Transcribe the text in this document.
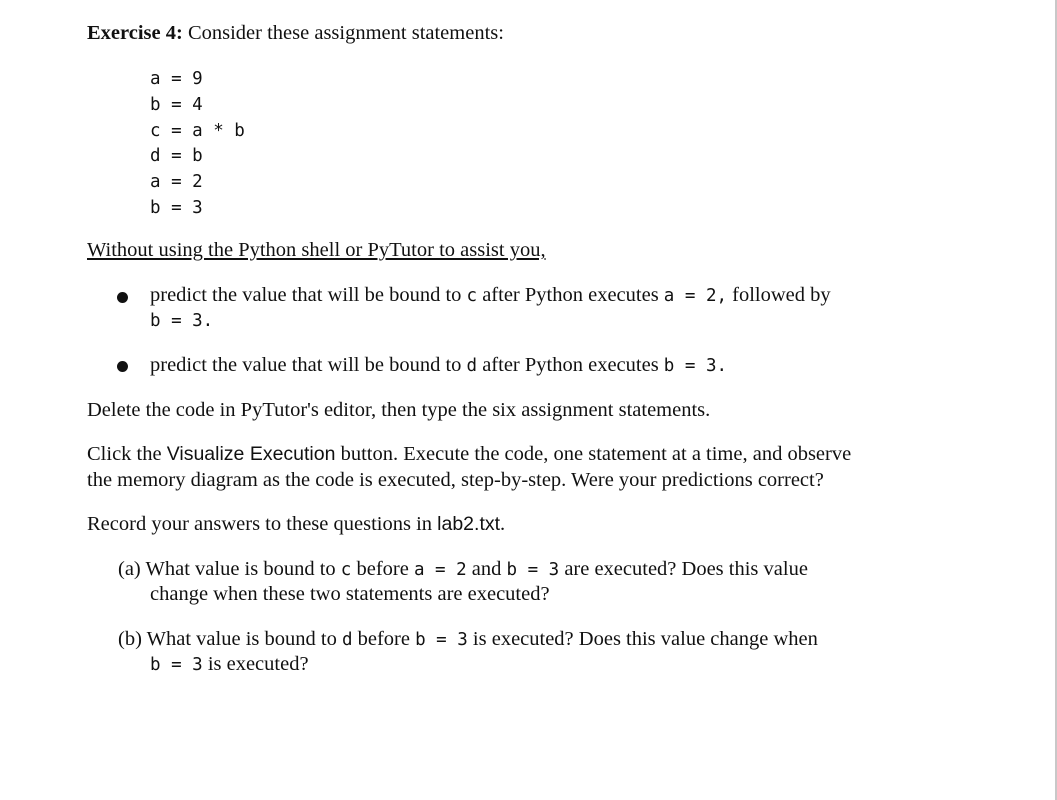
Exercise 4: Consider these assignment statements:
a = 9
b = 4
c = a * b
d = b
a = 2
b = 3
Without using the Python shell or PyTutor to assist you,
predict the value that will be bound to c after Python executes a = 2, followed by
b = 3.
predict the value that will be bound to d after Python executes b = 3.
Delete the code in PyTutor's editor, then type the six assignment statements.
Click the Visualize Execution button. Execute the code, one statement at a time, and observe
the memory diagram as the code is executed, step-by-step. Were your predictions correct?
Record your answers to these questions in lab2.txt.
(a) What value is bound to c before a = 2 and b = 3 are executed? Does this value
change when these two statements are executed?
(b) What value is bound to d before b = 3 is executed? Does this value change when
b = 3 is executed?
